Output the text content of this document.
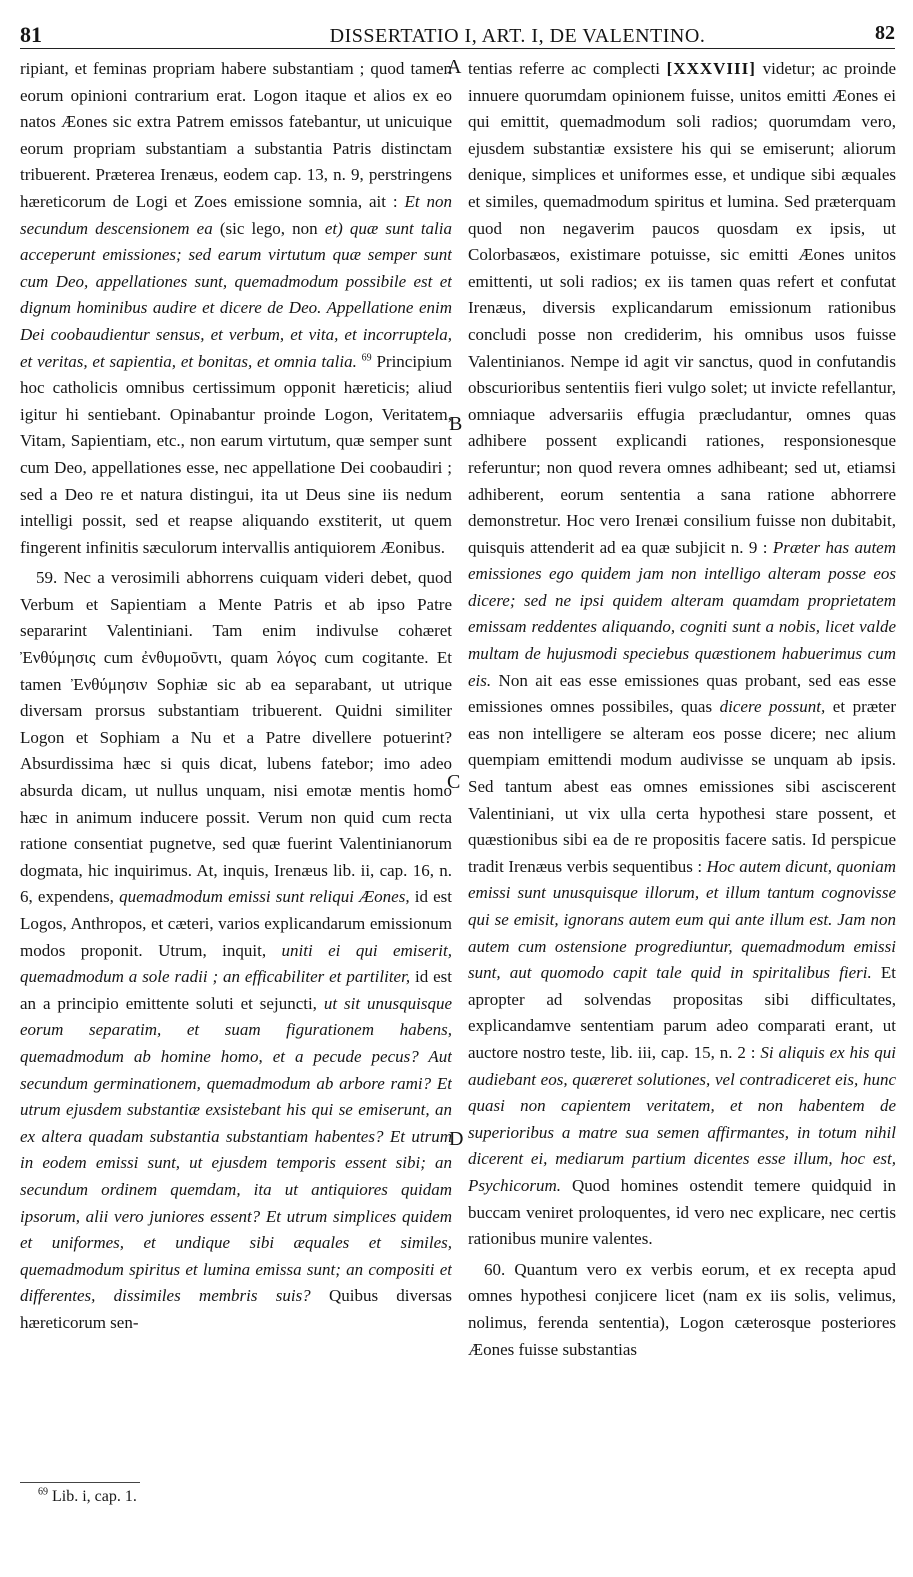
81	DISSERTATIO I, ART. I, DE VALENTINO.	82
A
B
C
D

ripiant, et feminas propriam habere substantiam ; quod tamen eorum opinioni contrarium erat. Logon itaque et alios ex eo natos Æones sic extra Patrem emissos fatebantur, ut unicuique eorum propriam substantiam a substantia Patris distinctam tribuerent. Præterea Irenæus, eodem cap. 13, n. 9, perstringens hæreticorum de Logi et Zoes emissione somnia, ait : Et non secundum descensionem ea (sic lego, non et) quæ sunt talia acceperunt emissiones; sed earum virtutum quæ semper sunt cum Deo, appellationes sunt, quemadmodum possibile est et dignum hominibus audire et dicere de Deo. Appellatione enim Dei coobaudientur sensus, et verbum, et vita, et incorruptela, et veritas, et sapientia, et bonitas, et omnia talia. $^{69}$ Principium hoc catholicis omnibus certissimum opponit hæreticis; aliud igitur hi sentiebant. Opinabantur proinde Logon, Veritatem, Vitam, Sapientiam, etc., non earum virtutum, quæ semper sunt cum Deo, appellationes esse, nec appellatione Dei coobaudiri ; sed a Deo re et natura distingui, ita ut Deus sine iis nedum intelligi possit, sed et reapse aliquando exstiterit, ut quem fingerent infinitis sæculorum intervallis antiquiorem Æonibus.

59. Nec a verosimili abhorrens cuiquam videri debet, quod Verbum et Sapientiam a Mente Patris et ab ipso Patre separarint Valentiniani. Tam enim indivulse cohæret Ἐνθύμησις cum ἐνθυμοῦντι, quam λόγος cum cogitante. Et tamen Ἐνθύμησιν Sophiæ sic ab ea separabant, ut utrique diversam prorsus substantiam tribuerent. Quidni similiter Logon et Sophiam a Nu et a Patre divellere potuerint? Absurdissima hæc si quis dicat, lubens fatebor; imo adeo absurda dicam, ut nullus unquam, nisi emotæ mentis homo hæc in animum inducere possit. Verum non quid cum recta ratione consentiat pugnetve, sed quæ fuerint Valentinianorum dogmata, hic inquirimus. At, inquis, Irenæus lib. ii, cap. 16, n. 6, expendens, quemadmodum emissi sunt reliqui Æones, id est Logos, Anthropos, et cæteri, varios explicandarum emissionum modos proponit. Utrum, inquit, uniti ei qui emiserit, quemadmodum a sole radii ; an efficabiliter et partiliter, id est an a principio emittente soluti et sejuncti, ut sit unusquisque eorum separatim, et suam figurationem habens, quemadmodum ab homine homo, et a pecude pecus? Aut secundum germinationem, quemadmodum ab arbore rami? Et utrum ejusdem substantiæ exsistebant his qui se emiserunt, an ex altera quadam substantia substantiam habentes? Et utrum in eodem emissi sunt, ut ejusdem temporis essent sibi; an secundum ordinem quemdam, ita ut antiquiores quidam ipsorum, alii vero juniores essent? Et utrum simplices quidem et uniformes, et undique sibi æquales et similes, quemadmodum spiritus et lumina emissa sunt; an compositi et differentes, dissimiles membris suis? Quibus diversas hæreticorum sen-

tentias referre ac complecti [XXXVIII] videtur; ac proinde innuere quorumdam opinionem fuisse, unitos emitti Æones ei qui emittit, quemadmodum soli radios; quorumdam vero, ejusdem substantiæ exsistere his qui se emiserunt; aliorum denique, simplices et uniformes esse, et undique sibi æquales et similes, quemadmodum spiritus et lumina. Sed præterquam quod non negaverim paucos quosdam ex ipsis, ut Colorbasæos, existimare potuisse, sic emitti Æones unitos emittenti, ut soli radios; ex iis tamen quas refert et confutat Irenæus, diversis explicandarum emissionum rationibus concludi posse non crediderim, his omnibus usos fuisse Valentinianos. Nempe id agit vir sanctus, quod in confutandis obscurioribus sententiis fieri vulgo solet; ut invicte refellantur, omniaque adversariis effugia præcludantur, omnes quas adhibere possent explicandi rationes, responsionesque referuntur; non quod revera omnes adhibeant; sed ut, etiamsi adhiberent, eorum sententia a sana ratione abhorrere demonstretur. Hoc vero Irenæi consilium fuisse non dubitabit, quisquis attenderit ad ea quæ subjicit n. 9 : Præter has autem emissiones ego quidem jam non intelligo alteram posse eos dicere; sed ne ipsi quidem alteram quamdam proprietatem emissam reddentes aliquando, cogniti sunt a nobis, licet valde multam de hujusmodi speciebus quæstionem habuerimus cum eis. Non ait eas esse emissiones quas probant, sed eas esse emissiones omnes possibiles, quas dicere possunt, et præter eas non intelligere se alteram eos posse dicere; nec alium quempiam emittendi modum audivisse se unquam ab ipsis. Sed tantum abest eas omnes emissiones sibi asciscerent Valentiniani, ut vix ulla certa hypothesi stare possent, et quæstionibus sibi ea de re propositis facere satis. Id perspicue tradit Irenæus verbis sequentibus : Hoc autem dicunt, quoniam emissi sunt unusquisque illorum, et illum tantum cognovisse qui se emisit, ignorans autem eum qui ante illum est. Jam non autem cum ostensione progrediuntur, quemadmodum emissi sunt, aut quomodo capit tale quid in spiritalibus fieri. Et apropter ad solvendas propositas sibi difficultates, explicandamve sententiam parum adeo comparati erant, ut auctore nostro teste, lib. iii, cap. 15, n. 2 : Si aliquis ex his qui audiebant eos, quæreret solutiones, vel contradiceret eis, hunc quasi non capientem veritatem, et non habentem de superioribus a matre sua semen affirmantes, in totum nihil dicerent ei, mediarum partium dicentes esse illum, hoc est, Psychicorum. Quod homines ostendit temere quidquid in buccam veniret proloquentes, id vero nec explicare, nec certis rationibus munire valentes.

60. Quantum vero ex verbis eorum, et ex recepta apud omnes hypothesi conjicere licet (nam ex iis solis, velimus, nolimus, ferenda sententia), Logon cæterosque posteriores Æones fuisse substantias

$^{69}$ Lib. i, cap. 1.
